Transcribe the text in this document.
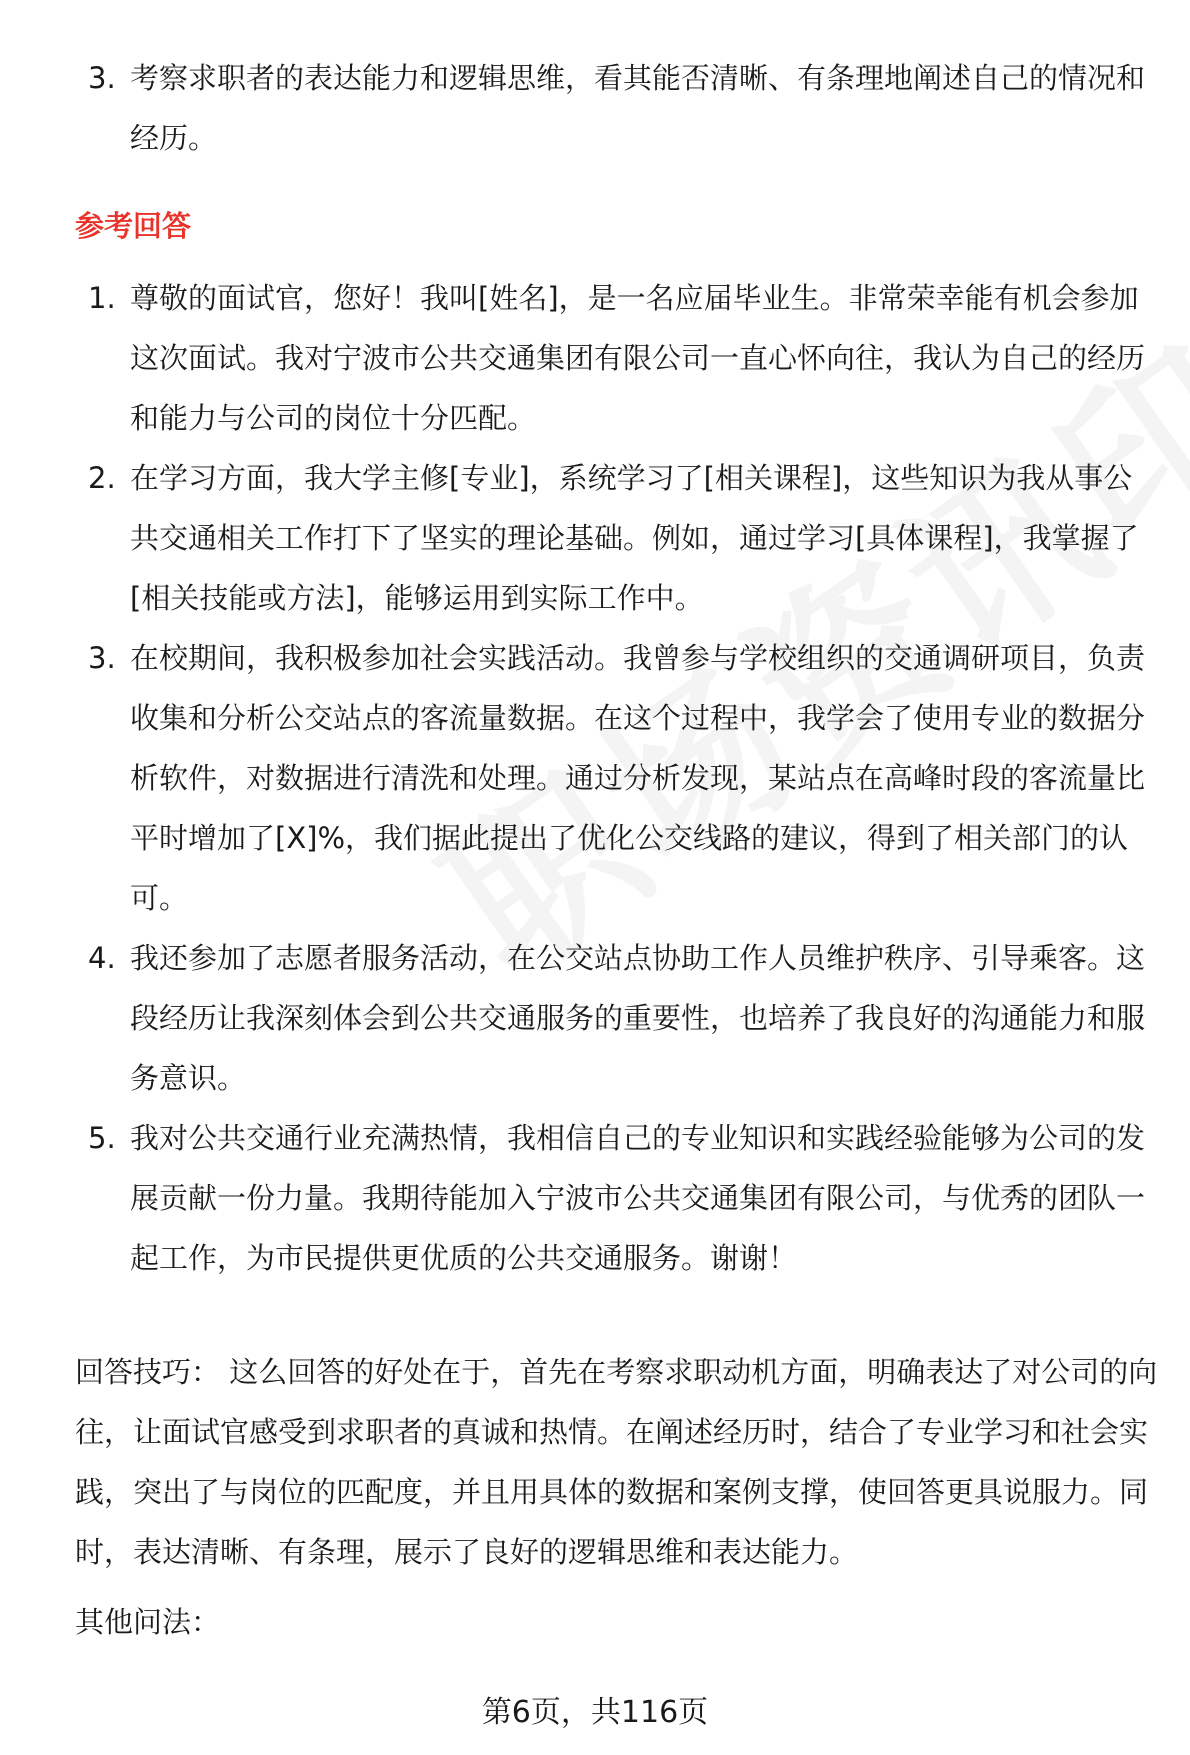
3. 考察求职者的表达能力和逻辑思维，看其能否清晰、有条理地阐述自己的情况和经历。
参考回答
1. 尊敬的面试官，您好！我叫[姓名]，是一名应届毕业生。非常荣幸能有机会参加这次面试。我对宁波市公共交通集团有限公司一直心怀向往，我认为自己的经历和能力与公司的岗位十分匹配。
2. 在学习方面，我大学主修[专业]，系统学习了[相关课程]，这些知识为我从事公共交通相关工作打下了坚实的理论基础。例如，通过学习[具体课程]，我掌握了[相关技能或方法]，能够运用到实际工作中。
3. 在校期间，我积极参加社会实践活动。我曾参与学校组织的交通调研项目，负责收集和分析公交站点的客流量数据。在这个过程中，我学会了使用专业的数据分析软件，对数据进行清洗和处理。通过分析发现，某站点在高峰时段的客流量比平时增加了[X]%，我们据此提出了优化公交线路的建议，得到了相关部门的认可。
4. 我还参加了志愿者服务活动，在公交站点协助工作人员维护秩序、引导乘客。这段经历让我深刻体会到公共交通服务的重要性，也培养了我良好的沟通能力和服务意识。
5. 我对公共交通行业充满热情，我相信自己的专业知识和实践经验能够为公司的发展贡献一份力量。我期待能加入宁波市公共交通集团有限公司，与优秀的团队一起工作，为市民提供更优质的公共交通服务。谢谢！
回答技巧： 这么回答的好处在于，首先在考察求职动机方面，明确表达了对公司的向往，让面试官感受到求职者的真诚和热情。在阐述经历时，结合了专业学习和社会实践，突出了与岗位的匹配度，并且用具体的数据和案例支撑，使回答更具说服力。同时，表达清晰、有条理，展示了良好的逻辑思维和表达能力。
其他问法：
第6页，共116页
